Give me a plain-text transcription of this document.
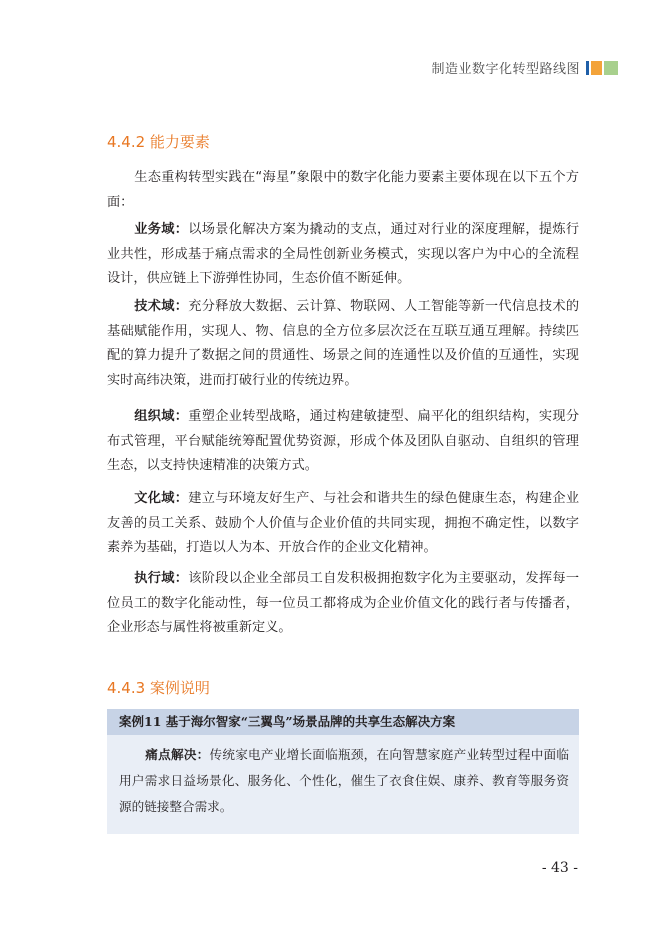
制造业数字化转型路线图
4.4.2 能力要素

生态重构转型实践在“海星”象限中的数字化能力要素主要体现在以下五个方面：

业务域：以场景化解决方案为撬动的支点，通过对行业的深度理解，提炼行业共性，形成基于痛点需求的全局性创新业务模式，实现以客户为中心的全流程设计，供应链上下游弹性协同，生态价值不断延伸。

技术域：充分释放大数据、云计算、物联网、人工智能等新一代信息技术的基础赋能作用，实现人、物、信息的全方位多层次泛在互联互通互理解。持续匹配的算力提升了数据之间的贯通性、场景之间的连通性以及价值的互通性，实现实时高纬决策，进而打破行业的传统边界。

组织域：重塑企业转型战略，通过构建敏捷型、扁平化的组织结构，实现分布式管理，平台赋能统筹配置优势资源，形成个体及团队自驱动、自组织的管理生态，以支持快速精准的决策方式。

文化域：建立与环境友好生产、与社会和谐共生的绿色健康生态，构建企业友善的员工关系、鼓励个人价值与企业价值的共同实现，拥抱不确定性，以数字素养为基础，打造以人为本、开放合作的企业文化精神。

执行域：该阶段以企业全部员工自发积极拥抱数字化为主要驱动，发挥每一位员工的数字化能动性，每一位员工都将成为企业价值文化的践行者与传播者，企业形态与属性将被重新定义。

4.4.3 案例说明
案例11 基于海尔智家“三翼鸟”场景品牌的共享生态解决方案
痛点解决：传统家电产业增长面临瓶颈，在向智慧家庭产业转型过程中面临用户需求日益场景化、服务化、个性化，催生了衣食住娱、康养、教育等服务资源的链接整合需求。
- 43 -
